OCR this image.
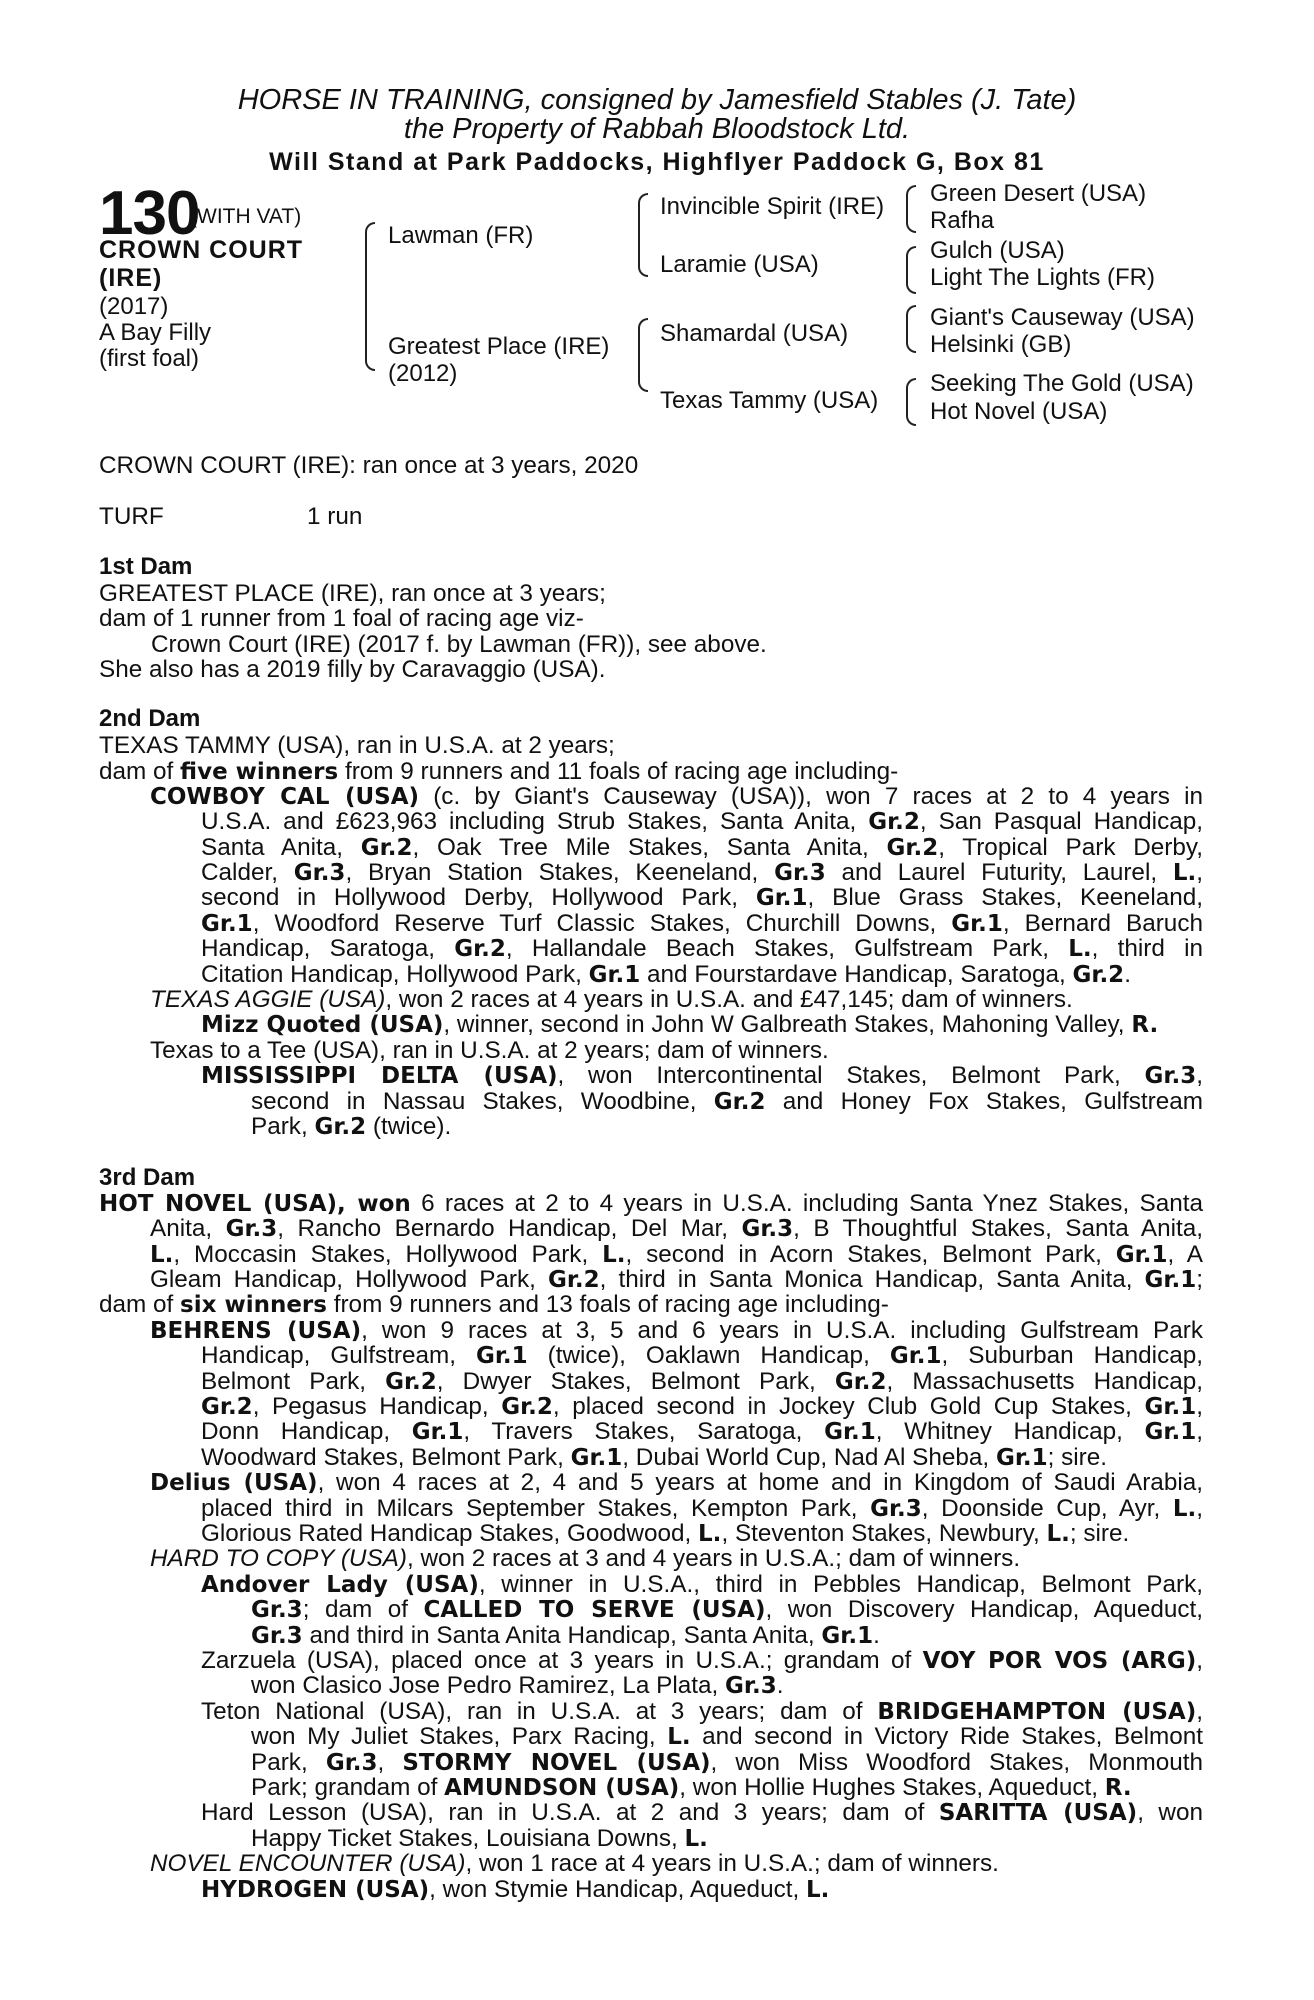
HORSE IN TRAINING, consigned by Jamesfield Stables (J. Tate)
the Property of Rabbah Bloodstock Ltd.
Will Stand at Park Paddocks, Highflyer Paddock G, Box 81
130
(WITH VAT)
CROWN COURT
(IRE)
(2017)
A Bay Filly
(first foal)
Lawman (FR)
Greatest Place (IRE)
(2012)
Invincible Spirit (IRE)
Laramie (USA)
Shamardal (USA)
Texas Tammy (USA)
Green Desert (USA)
Rafha
Gulch (USA)
Light The Lights (FR)
Giant's Causeway (USA)
Helsinki (GB)
Seeking The Gold (USA)
Hot Novel (USA)
CROWN COURT (IRE): ran once at 3 years, 2020
TURF	1 run
1st Dam
GREATEST PLACE (IRE), ran once at 3 years;
dam of 1 runner from 1 foal of racing age viz-
Crown Court (IRE) (2017 f. by Lawman (FR)), see above.
She also has a 2019 filly by Caravaggio (USA).
2nd Dam
TEXAS TAMMY (USA), ran in U.S.A. at 2 years;
dam of five winners from 9 runners and 11 foals of racing age including-
COWBOY CAL (USA) (c. by Giant's Causeway (USA)), won 7 races at 2 to 4 years in
U.S.A. and £623,963 including Strub Stakes, Santa Anita, Gr.2, San Pasqual Handicap,
Santa Anita, Gr.2, Oak Tree Mile Stakes, Santa Anita, Gr.2, Tropical Park Derby,
Calder, Gr.3, Bryan Station Stakes, Keeneland, Gr.3 and Laurel Futurity, Laurel, L.,
second in Hollywood Derby, Hollywood Park, Gr.1, Blue Grass Stakes, Keeneland,
Gr.1, Woodford Reserve Turf Classic Stakes, Churchill Downs, Gr.1, Bernard Baruch
Handicap, Saratoga, Gr.2, Hallandale Beach Stakes, Gulfstream Park, L., third in
Citation Handicap, Hollywood Park, Gr.1 and Fourstardave Handicap, Saratoga, Gr.2.
TEXAS AGGIE (USA), won 2 races at 4 years in U.S.A. and £47,145; dam of winners.
Mizz Quoted (USA), winner, second in John W Galbreath Stakes, Mahoning Valley, R.
Texas to a Tee (USA), ran in U.S.A. at 2 years; dam of winners.
MISSISSIPPI DELTA (USA), won Intercontinental Stakes, Belmont Park, Gr.3,
second in Nassau Stakes, Woodbine, Gr.2 and Honey Fox Stakes, Gulfstream
Park, Gr.2 (twice).
3rd Dam
HOT NOVEL (USA), won 6 races at 2 to 4 years in U.S.A. including Santa Ynez Stakes, Santa
Anita, Gr.3, Rancho Bernardo Handicap, Del Mar, Gr.3, B Thoughtful Stakes, Santa Anita,
L., Moccasin Stakes, Hollywood Park, L., second in Acorn Stakes, Belmont Park, Gr.1, A
Gleam Handicap, Hollywood Park, Gr.2, third in Santa Monica Handicap, Santa Anita, Gr.1;
dam of six winners from 9 runners and 13 foals of racing age including-
BEHRENS (USA), won 9 races at 3, 5 and 6 years in U.S.A. including Gulfstream Park
Handicap, Gulfstream, Gr.1 (twice), Oaklawn Handicap, Gr.1, Suburban Handicap,
Belmont Park, Gr.2, Dwyer Stakes, Belmont Park, Gr.2, Massachusetts Handicap,
Gr.2, Pegasus Handicap, Gr.2, placed second in Jockey Club Gold Cup Stakes, Gr.1,
Donn Handicap, Gr.1, Travers Stakes, Saratoga, Gr.1, Whitney Handicap, Gr.1,
Woodward Stakes, Belmont Park, Gr.1, Dubai World Cup, Nad Al Sheba, Gr.1; sire.
Delius (USA), won 4 races at 2, 4 and 5 years at home and in Kingdom of Saudi Arabia,
placed third in Milcars September Stakes, Kempton Park, Gr.3, Doonside Cup, Ayr, L.,
Glorious Rated Handicap Stakes, Goodwood, L., Steventon Stakes, Newbury, L.; sire.
HARD TO COPY (USA), won 2 races at 3 and 4 years in U.S.A.; dam of winners.
Andover Lady (USA), winner in U.S.A., third in Pebbles Handicap, Belmont Park,
Gr.3; dam of CALLED TO SERVE (USA), won Discovery Handicap, Aqueduct,
Gr.3 and third in Santa Anita Handicap, Santa Anita, Gr.1.
Zarzuela (USA), placed once at 3 years in U.S.A.; grandam of VOY POR VOS (ARG),
won Clasico Jose Pedro Ramirez, La Plata, Gr.3.
Teton National (USA), ran in U.S.A. at 3 years; dam of BRIDGEHAMPTON (USA),
won My Juliet Stakes, Parx Racing, L. and second in Victory Ride Stakes, Belmont
Park, Gr.3, STORMY NOVEL (USA), won Miss Woodford Stakes, Monmouth
Park; grandam of AMUNDSON (USA), won Hollie Hughes Stakes, Aqueduct, R.
Hard Lesson (USA), ran in U.S.A. at 2 and 3 years; dam of SARITTA (USA), won
Happy Ticket Stakes, Louisiana Downs, L.
NOVEL ENCOUNTER (USA), won 1 race at 4 years in U.S.A.; dam of winners.
HYDROGEN (USA), won Stymie Handicap, Aqueduct, L.
